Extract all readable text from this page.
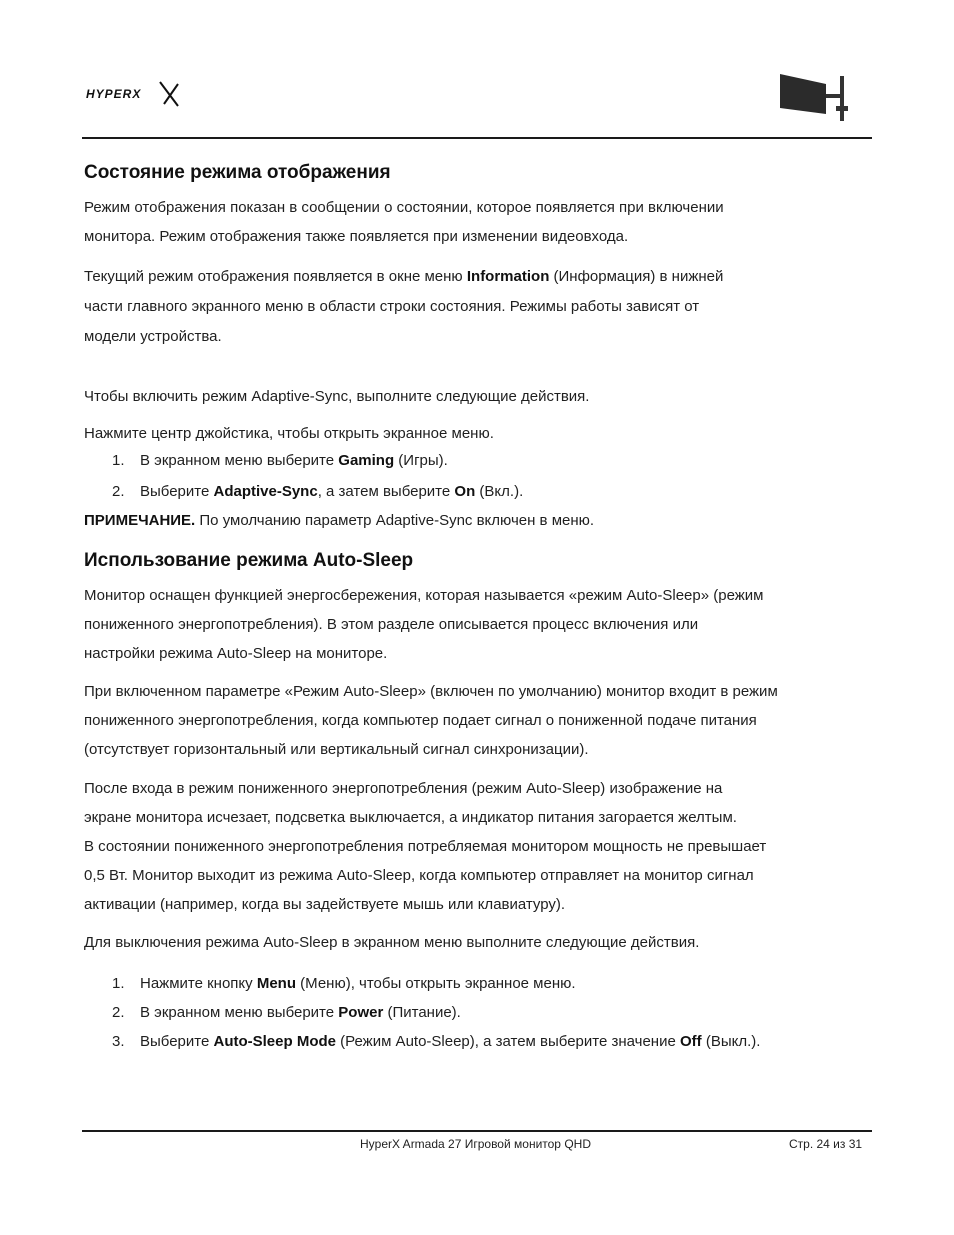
HYPERX
Состояние режима отображения
Режим отображения показан в сообщении о состоянии, которое появляется при включении
монитора. Режим отображения также появляется при изменении видеовхода.
Текущий режим отображения появляется в окне меню Information (Информация) в нижней
части главного экранного меню в области строки состояния. Режимы работы зависят от
модели устройства.
Чтобы включить режим Adaptive-Sync, выполните следующие действия.
Нажмите центр джойстика, чтобы открыть экранное меню.
1. В экранном меню выберите Gaming (Игры).
2. Выберите Adaptive-Sync, а затем выберите On (Вкл.).
ПРИМЕЧАНИЕ. По умолчанию параметр Adaptive-Sync включен в меню.
Использование режима Auto-Sleep
Монитор оснащен функцией энергосбережения, которая называется «режим Auto-Sleep» (режим
пониженного энергопотребления). В этом разделе описывается процесс включения или
настройки режима Auto-Sleep на мониторе.
При включенном параметре «Режим Auto-Sleep» (включен по умолчанию) монитор входит в режим
пониженного энергопотребления, когда компьютер подает сигнал о пониженной подаче питания
(отсутствует горизонтальный или вертикальный сигнал синхронизации).
После входа в режим пониженного энергопотребления (режим Auto-Sleep) изображение на
экране монитора исчезает, подсветка выключается, а индикатор питания загорается желтым.
В состоянии пониженного энергопотребления потребляемая монитором мощность не превышает
0,5 Вт. Монитор выходит из режима Auto-Sleep, когда компьютер отправляет на монитор сигнал
активации (например, когда вы задействуете мышь или клавиатуру).
Для выключения режима Auto-Sleep в экранном меню выполните следующие действия.
1. Нажмите кнопку Menu (Меню), чтобы открыть экранное меню.
2. В экранном меню выберите Power (Питание).
3. Выберите Auto-Sleep Mode (Режим Auto-Sleep), а затем выберите значение Off (Выкл.).
HyperX Armada 27 Игровой монитор QHD	Стр. 24 из 31
